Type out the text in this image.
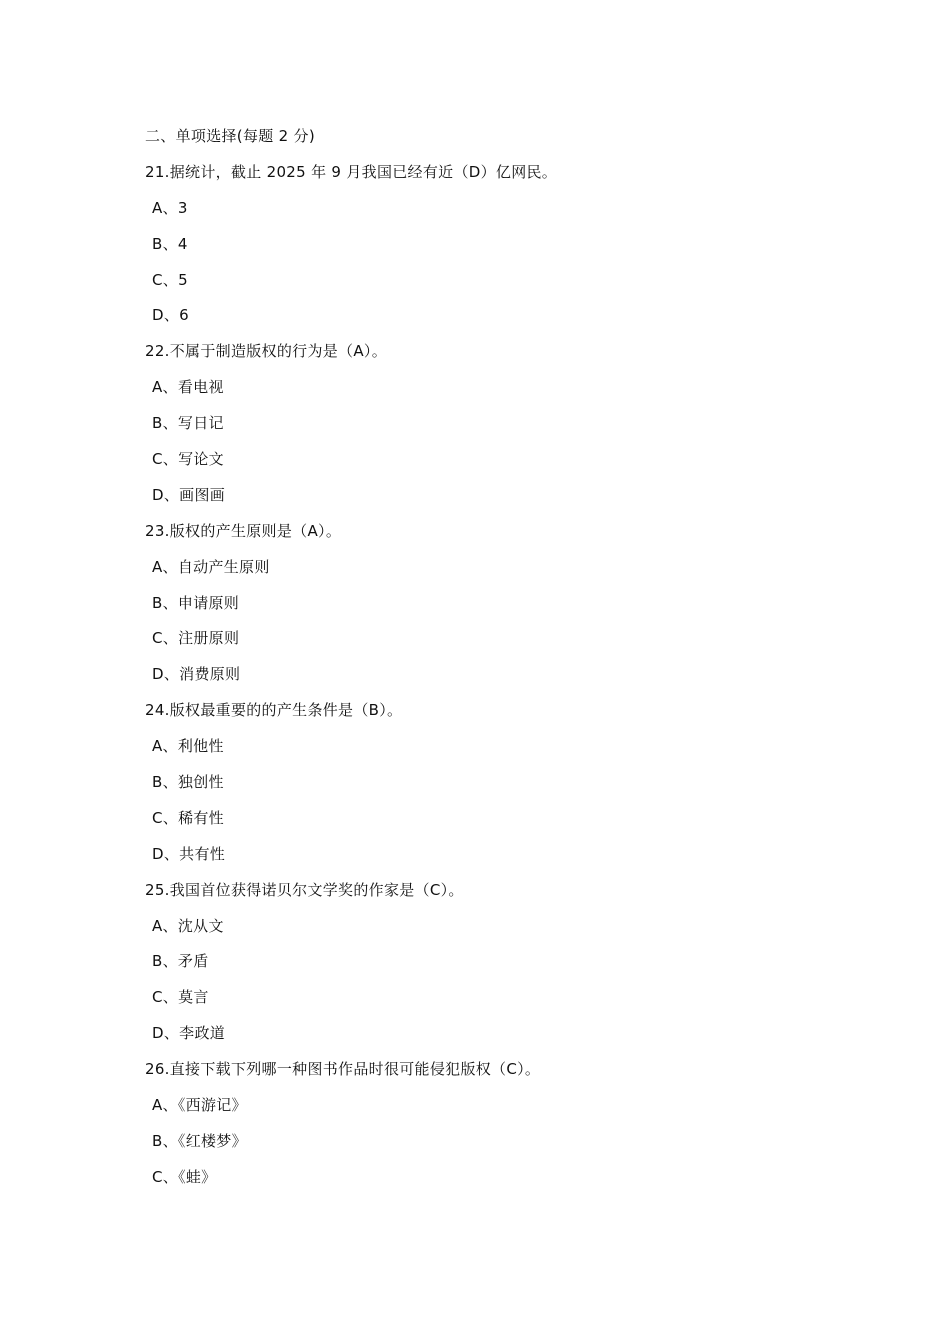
二、单项选择(每题 2 分)
21.据统计，截止 2025 年 9 月我国已经有近（D）亿网民。
A、3
B、4
C、5
D、6
22.不属于制造版权的行为是（A）。
A、看电视
B、写日记
C、写论文
D、画图画
23.版权的产生原则是（A）。
A、自动产生原则
B、申请原则
C、注册原则
D、消费原则
24.版权最重要的的产生条件是（B）。
A、利他性
B、独创性
C、稀有性
D、共有性
25.我国首位获得诺贝尔文学奖的作家是（C）。
A、沈从文
B、矛盾
C、莫言
D、李政道
26.直接下载下列哪一种图书作品时很可能侵犯版权（C）。
A、《西游记》
B、《红楼梦》
C、《蛙》
